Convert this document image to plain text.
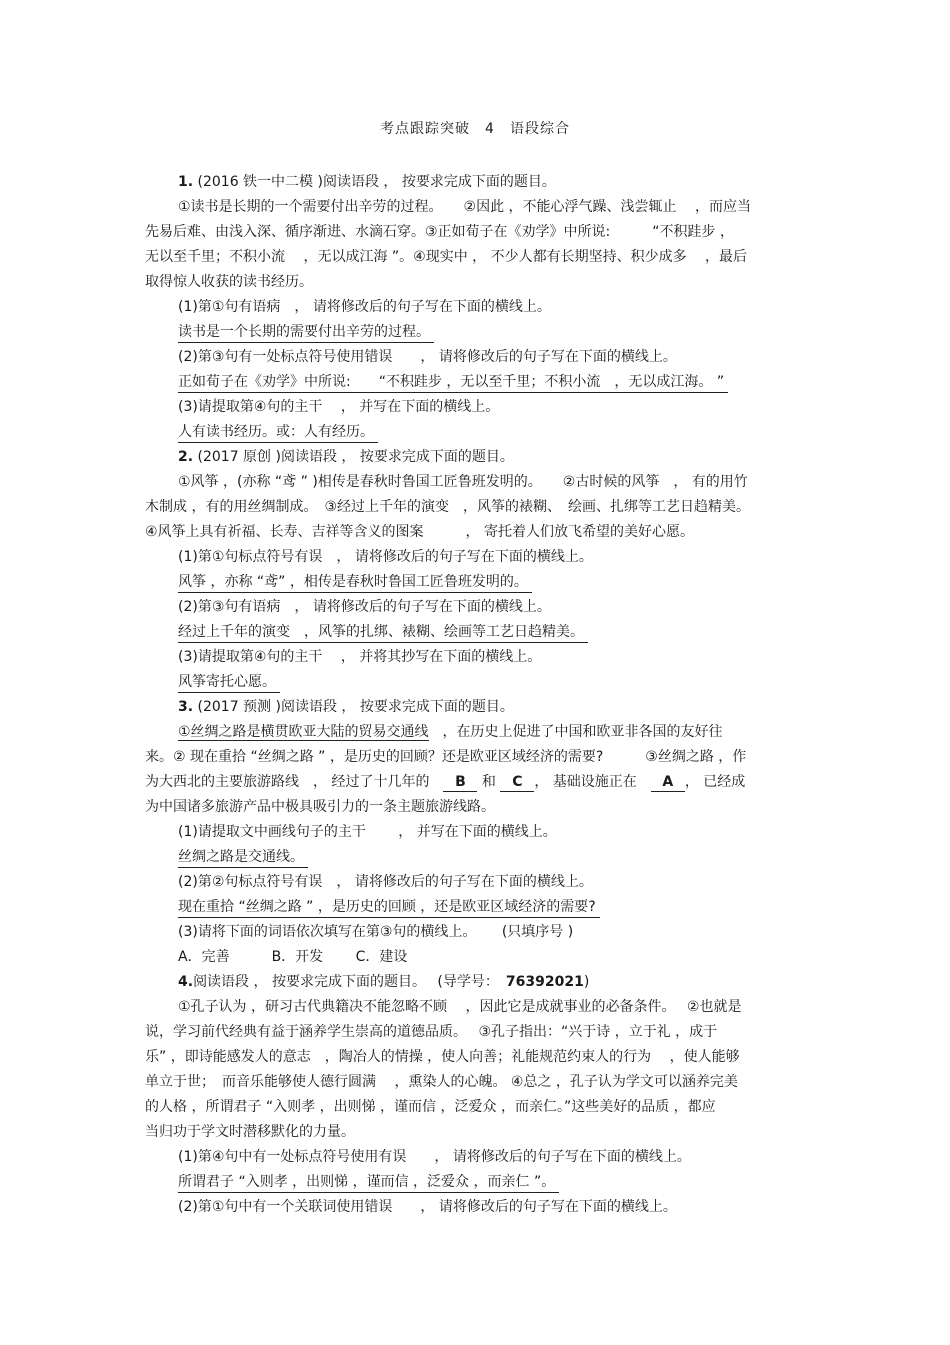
考点跟踪突破　4　语段综合
1. (2016 铁一中二模 )阅读语段 ， 按要求完成下面的题目。
①读书是长期的一个需要付出辛劳的过程。　　②因此 ，不能心浮气躁、浅尝辄止　 ，而应当
先易后难、由浅入深、循序渐进、水滴石穿。③正如荀子在《劝学》中所说:　　　“不积跬步 ，
无以至千里；不积小流　 ，无以成江海 ”。④现实中 ， 不少人都有长期坚持、积少成多　 ，最后
取得惊人收获的读书经历。
(1)第①句有语病　， 请将修改后的句子写在下面的横线上。
读书是一个长期的需要付出辛劳的过程。
(2)第③句有一处标点符号使用错误　　， 请将修改后的句子写在下面的横线上。
正如荀子在《劝学》中所说:　　“不积跬步 ，无以至千里；不积小流　，无以成江海。 ”
(3)请提取第④句的主干　 ， 并写在下面的横线上。
人有读书经历。或：人有经历。
2. (2017 原创 )阅读语段 ， 按要求完成下面的题目。
①风筝 ，(亦称 “鸢 ” )相传是春秋时鲁国工匠鲁班发明的。　　②古时候的风筝　， 有的用竹
木制成 ，有的用丝绸制成。　③经过上千年的演变　，风筝的裱糊、　绘画、扎绑等工艺日趋精美。
④风筝上具有祈福、长寿、吉祥等含义的图案　　　， 寄托着人们放飞希望的美好心愿。
(1)第①句标点符号有误　， 请将修改后的句子写在下面的横线上。
风筝 ，亦称 “鸢” ，相传是春秋时鲁国工匠鲁班发明的。
(2)第③句有语病　， 请将修改后的句子写在下面的横线上。
经过上千年的演变　，风筝的扎绑、裱糊、绘画等工艺日趋精美。
(3)请提取第④句的主干　 ， 并将其抄写在下面的横线上。
风筝寄托心愿。
3. (2017 预测 )阅读语段 ， 按要求完成下面的题目。
①丝绸之路是横贯欧亚大陆的贸易交通线　，在历史上促进了中国和欧亚非各国的友好往
来。② 现在重拾 “丝绸之路 ” ，是历史的回顾？还是欧亚区域经济的需要?　　　③丝绸之路 ，作
为大西北的主要旅游路线　， 经过了十几年的　B 和 C ， 基础设施正在　A ， 已经成
为中国诸多旅游产品中极具吸引力的一条主题旅游线路。
(1)请提取文中画线句子的主干　　 ， 并写在下面的横线上。
丝绸之路是交通线。
(2)第②句标点符号有误　， 请将修改后的句子写在下面的横线上。
现在重拾 “丝绸之路 ” ，是历史的回顾 ，还是欧亚区域经济的需要?
(3)请将下面的词语依次填写在第③句的横线上。　　 (只填序号 )
A．完善　　　B．开发　　 C．建设
4.阅读语段 ， 按要求完成下面的题目。　 (导学号：　76392021)
①孔子认为 ，研习古代典籍决不能忽略不顾　 ，因此它是成就事业的必备条件。　 ②也就是
说，学习前代经典有益于涵养学生崇高的道德品质。　 ③孔子指出：“兴于诗 ，立于礼 ，成于
乐” ，即诗能感发人的意志　，陶冶人的情操 ，使人向善；礼能规范约束人的行为　 ，使人能够
单立于世；　而音乐能够使人德行圆满　 ，熏染人的心魄。 ④总之 ，孔子认为学文可以涵养完美
的人格 ，所谓君子 “入则孝 ，出则悌 ，谨而信 ，泛爱众 ，而亲仁。”这些美好的品质 ，都应
当归功于学文时潜移默化的力量。
(1)第④句中有一处标点符号使用有误　　， 请将修改后的句子写在下面的横线上。
所谓君子 “入则孝 ，出则悌 ，谨而信 ，泛爱众 ，而亲仁 ”。
(2)第①句中有一个关联词使用错误　　， 请将修改后的句子写在下面的横线上。
